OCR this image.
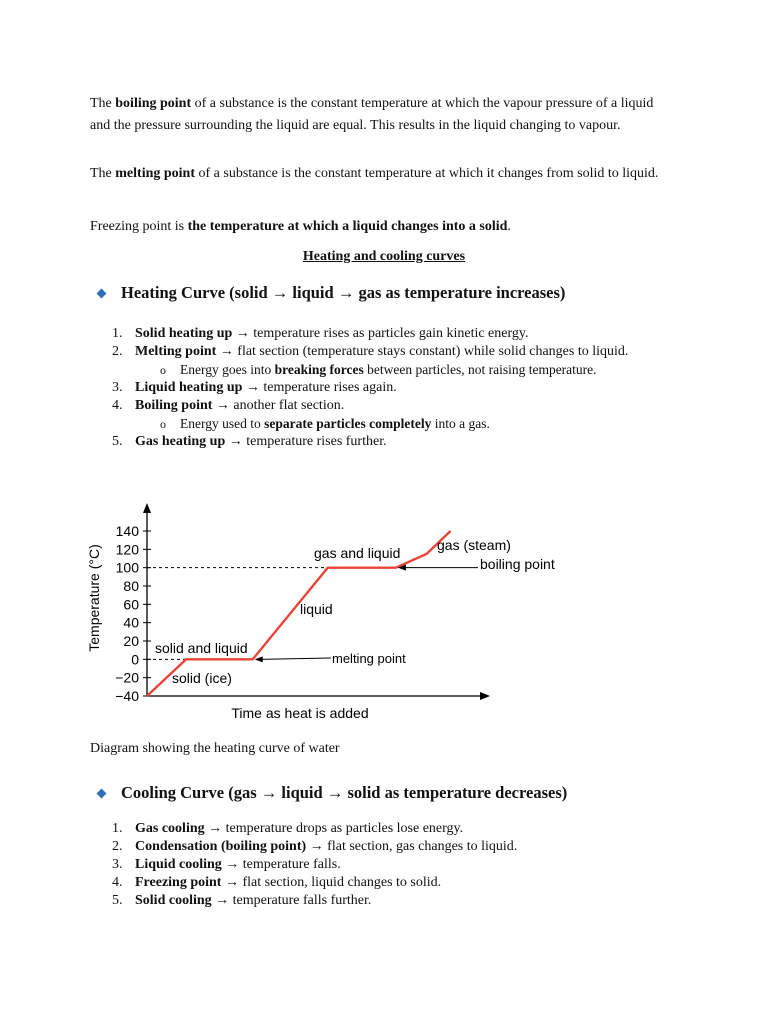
The boiling point of a substance is the constant temperature at which the vapour pressure of a liquid and the pressure surrounding the liquid are equal. This results in the liquid changing to vapour.

The melting point of a substance is the constant temperature at which it changes from solid to liquid.

Freezing point is the temperature at which a liquid changes into a solid.

Heating and cooling curves
Heating Curve (solid → liquid → gas as temperature increases)
1. Solid heating up → temperature rises as particles gain kinetic energy.
2. Melting point → flat section (temperature stays constant) while solid changes to liquid.
o Energy goes into breaking forces between particles, not raising temperature.
3. Liquid heating up → temperature rises again.
4. Boiling point → another flat section.
o Energy used to separate particles completely into a gas.
5. Gas heating up → temperature rises further.
140
120
100
80
60
40
20
0
−20
−40
solid (ice)
solid and liquid
liquid
gas and liquid	gas (steam)
melting point
boiling point
Time as heat is added
Temperature (°C)
Diagram showing the heating curve of water
Cooling Curve (gas → liquid → solid as temperature decreases)
1. Gas cooling → temperature drops as particles lose energy.
2. Condensation (boiling point) → flat section, gas changes to liquid.
3. Liquid cooling → temperature falls.
4. Freezing point → flat section, liquid changes to solid.
5. Solid cooling → temperature falls further.
